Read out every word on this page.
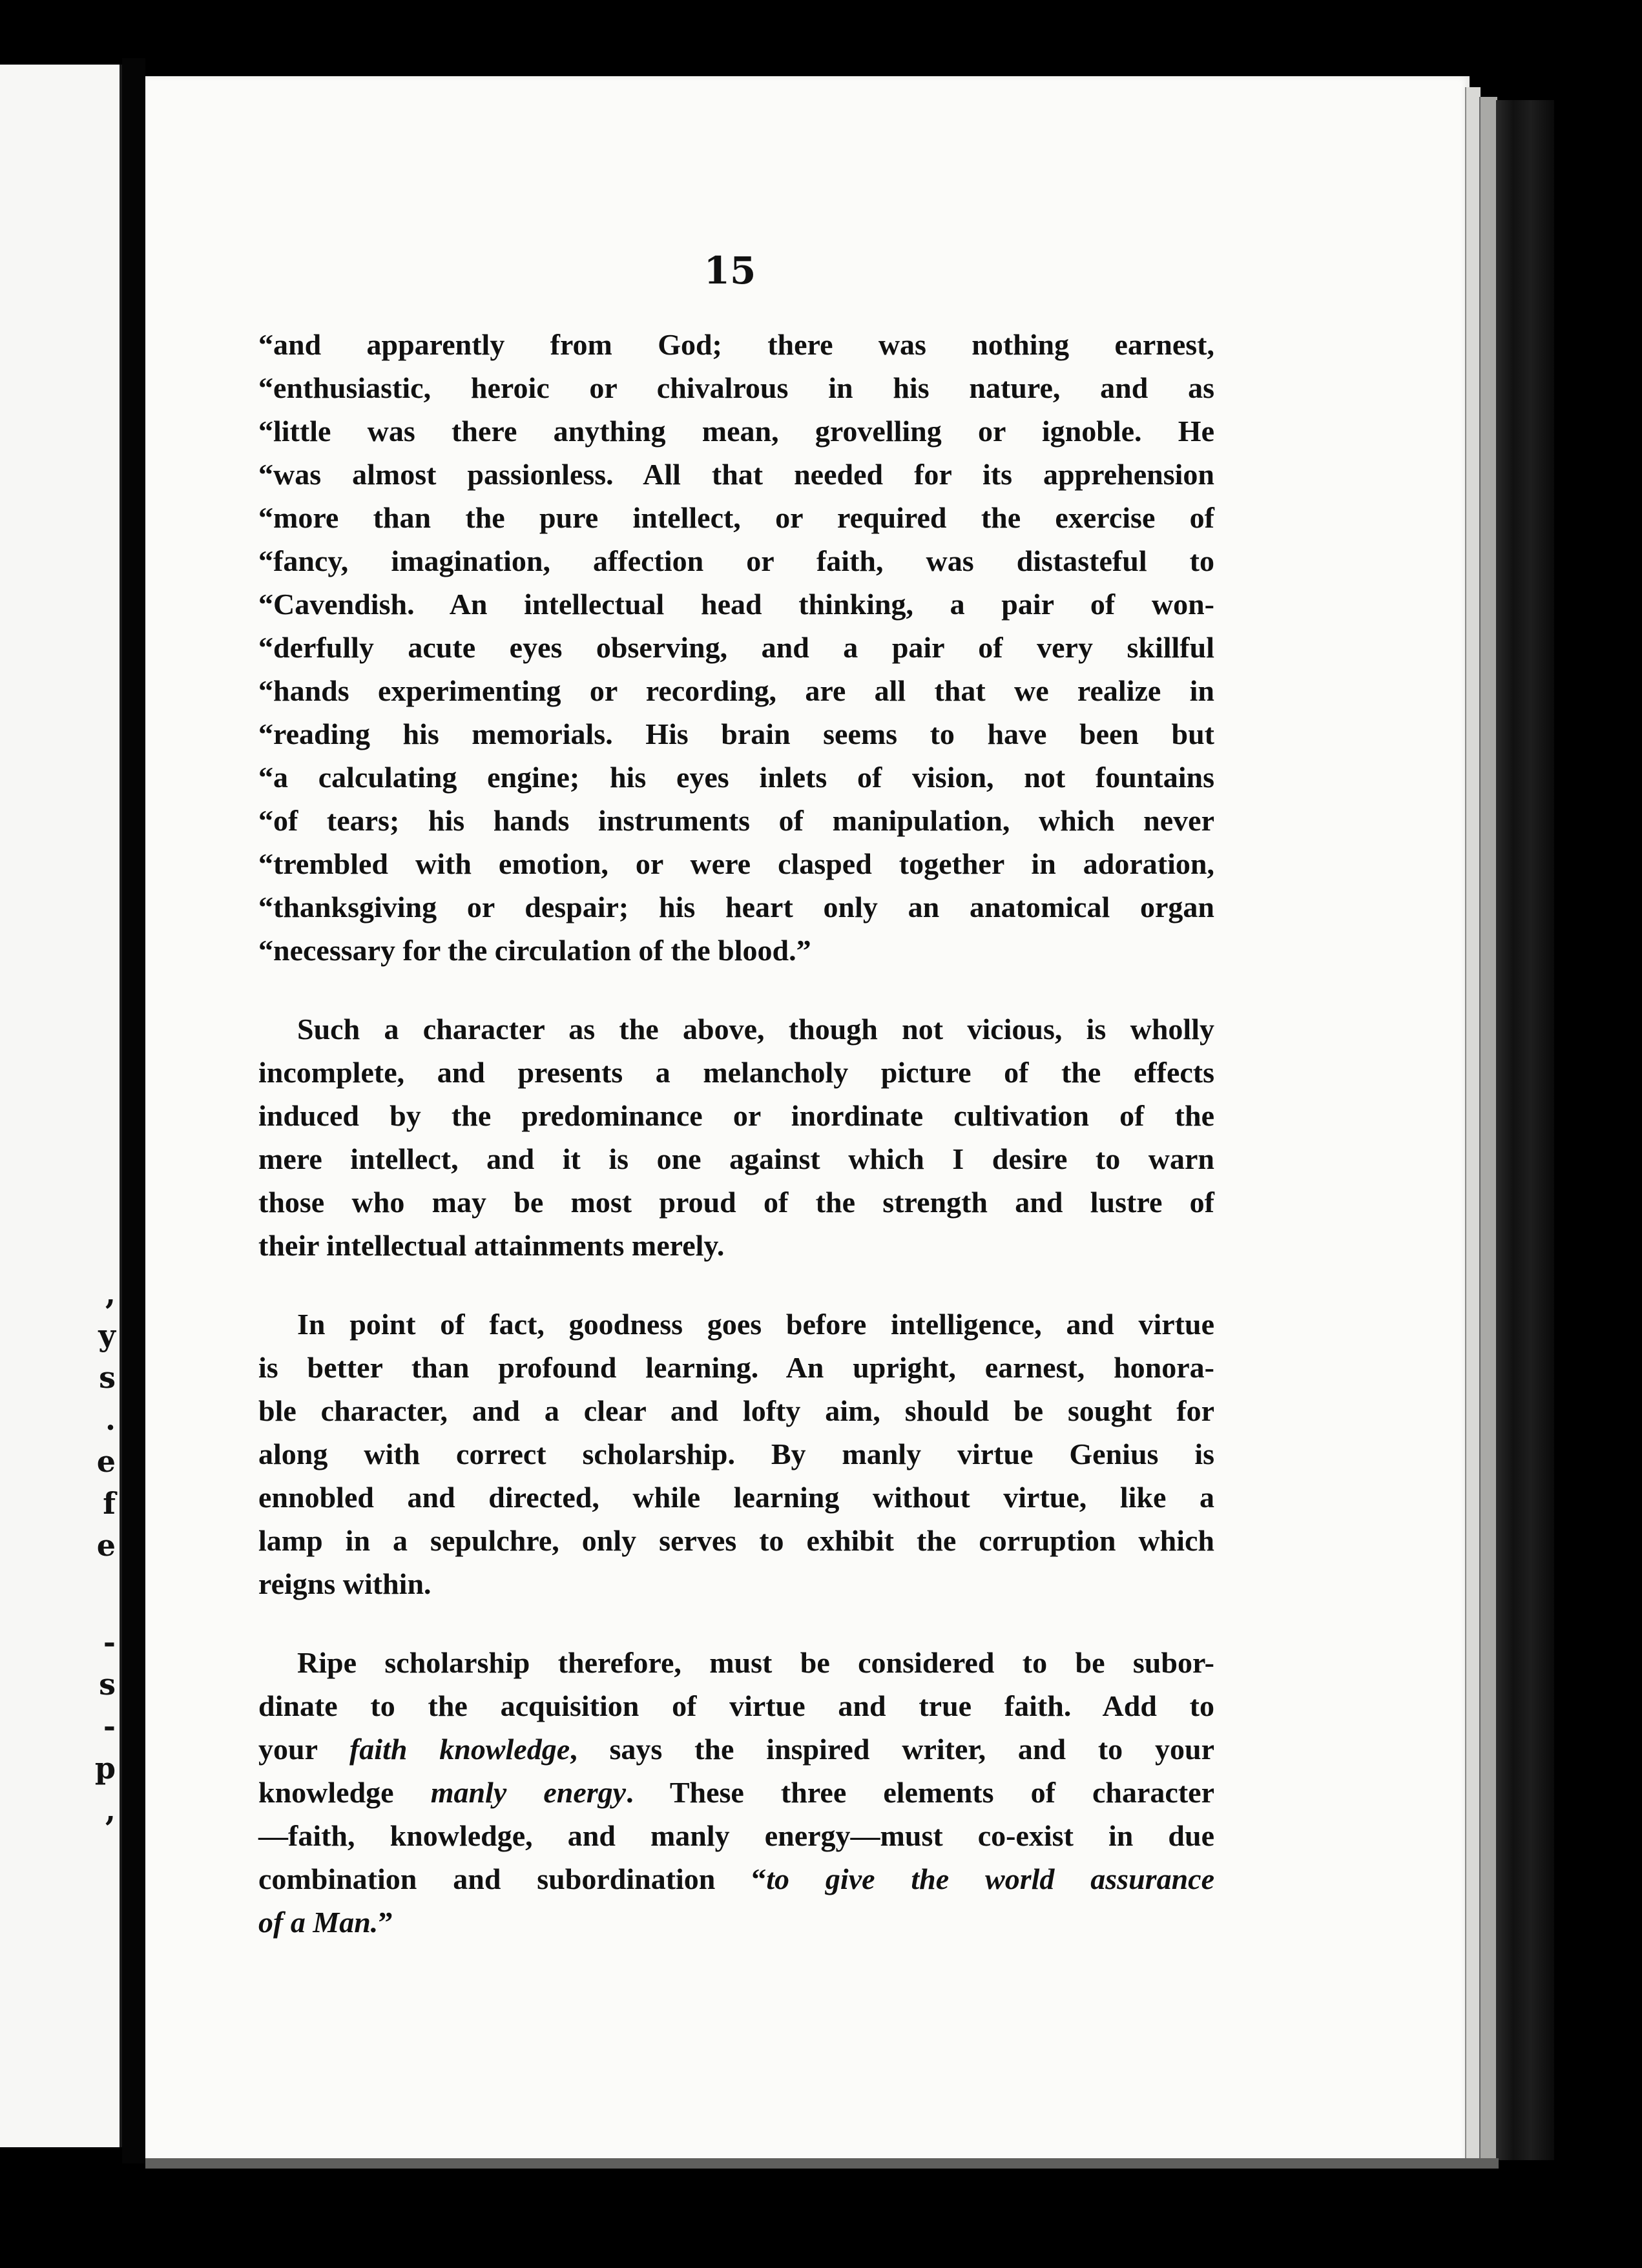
,
y
s
.
e
f
e
-
s
-
p
,
15
“and apparently from God; there was nothing earnest,
“enthusiastic, heroic or chivalrous in his nature, and as
“little was there anything mean, grovelling or ignoble. He
“was almost passionless. All that needed for its apprehension
“more than the pure intellect, or required the exercise of
“fancy, imagination, affection or faith, was distasteful to
“Cavendish. An intellectual head thinking, a pair of won-
“derfully acute eyes observing, and a pair of very skillful
“hands experimenting or recording, are all that we realize in
“reading his memorials. His brain seems to have been but
“a calculating engine; his eyes inlets of vision, not fountains
“of tears; his hands instruments of manipulation, which never
“trembled with emotion, or were clasped together in adoration,
“thanksgiving or despair; his heart only an anatomical organ
“necessary for the circulation of the blood.”
Such a character as the above, though not vicious, is wholly
incomplete, and presents a melancholy picture of the effects
induced by the predominance or inordinate cultivation of the
mere intellect, and it is one against which I desire to warn
those who may be most proud of the strength and lustre of
their intellectual attainments merely.
In point of fact, goodness goes before intelligence, and virtue
is better than profound learning. An upright, earnest, honora-
ble character, and a clear and lofty aim, should be sought for
along with correct scholarship. By manly virtue Genius is
ennobled and directed, while learning without virtue, like a
lamp in a sepulchre, only serves to exhibit the corruption which
reigns within.
Ripe scholarship therefore, must be considered to be subor-
dinate to the acquisition of virtue and true faith. Add to
your faith knowledge, says the inspired writer, and to your
knowledge manly energy. These three elements of character
—faith, knowledge, and manly energy—must co-exist in due
combination and subordination “to give the world assurance
of a Man.”
